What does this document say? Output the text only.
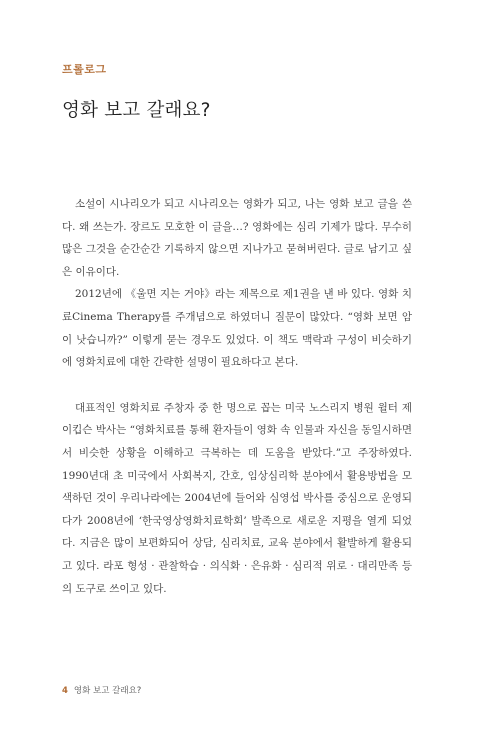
프롤로그
영화 보고 갈래요?

소설이 시나리오가 되고 시나리오는 영화가 되고, 나는 영화 보고 글을 쓴다. 왜 쓰는가. 장르도 모호한 이 글을…? 영화에는 심리 기제가 많다. 무수히 많은 그것을 순간순간 기록하지 않으면 지나가고 묻혀버린다. 글로 남기고 싶은 이유이다.

2012년에 《울면 지는 거야》라는 제목으로 제1권을 낸 바 있다. 영화 치료Cinema Therapy를 주개념으로 하였더니 질문이 많았다. “영화 보면 암이 낫습니까?” 이렇게 묻는 경우도 있었다. 이 책도 맥락과 구성이 비슷하기에 영화치료에 대한 간략한 설명이 필요하다고 본다.

대표적인 영화치료 주창자 중 한 명으로 꼽는 미국 노스리지 병원 윌터 제이킵슨 박사는 “영화치료를 통해 환자들이 영화 속 인물과 자신을 동일시하면서 비슷한 상황을 이해하고 극복하는 데 도움을 받았다.”고 주장하였다. 1990년대 초 미국에서 사회복지, 간호, 임상심리학 분야에서 활용방법을 모색하던 것이 우리나라에는 2004년에 들어와 심영섭 박사를 중심으로 운영되다가 2008년에 ‘한국영상영화치료학회’ 발족으로 새로운 지평을 열게 되었다. 지금은 많이 보편화되어 상담, 심리치료, 교육 분야에서 활발하게 활용되고 있다. 라포 형성 · 관찰학습 · 의식화 · 은유화 · 심리적 위로 · 대리만족 등의 도구로 쓰이고 있다.

4 영화 보고 갈래요?
